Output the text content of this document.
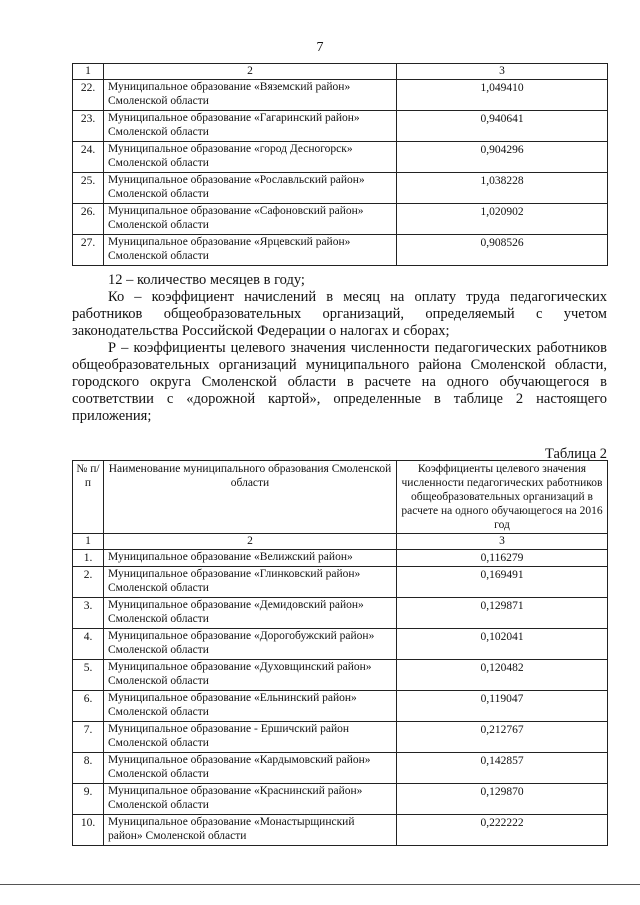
7
1	2	3
22.	Муниципальное образование «Вяземский район» Смоленской области	1,049410
23.	Муниципальное образование «Гагаринский район» Смоленской области	0,940641
24.	Муниципальное образование «город Десногорск» Смоленской области	0,904296
25.	Муниципальное образование «Рославльский район» Смоленской области	1,038228
26.	Муниципальное образование «Сафоновский район» Смоленской области	1,020902
27.	Муниципальное образование «Ярцевский район» Смоленской области	0,908526

12 – количество месяцев в году;

Ко – коэффициент начислений в месяц на оплату труда педагогических работников общеобразовательных организаций, определяемый с учетом законодательства Российской Федерации о налогах и сборах;

Р – коэффициенты целевого значения численности педагогических работников общеобразовательных организаций муниципального района Смоленской области, городского округа Смоленской области в расчете на одного обучающегося в соответствии с «дорожной картой», определенные в таблице 2 настоящего приложения;

Таблица 2
№ п/п	Наименование муниципального образования Смоленской области	Коэффициенты целевого значения численности педагогических работников общеобразовательных организаций в расчете на одного обучающегося на 2016 год
1	2	3
1.	Муниципальное образование «Велижский район»	0,116279
2.	Муниципальное образование «Глинковский район» Смоленской области	0,169491
3.	Муниципальное образование «Демидовский район» Смоленской области	0,129871
4.	Муниципальное образование «Дорогобужский район» Смоленской области	0,102041
5.	Муниципальное образование «Духовщинский район» Смоленской области	0,120482
6.	Муниципальное образование «Ельнинский район» Смоленской области	0,119047
7.	Муниципальное образование - Ершичский район Смоленской области	0,212767
8.	Муниципальное образование «Кардымовский район» Смоленской области	0,142857
9.	Муниципальное образование «Краснинский район» Смоленской области	0,129870
10.	Муниципальное образование «Монастырщинский район» Смоленской области	0,222222
